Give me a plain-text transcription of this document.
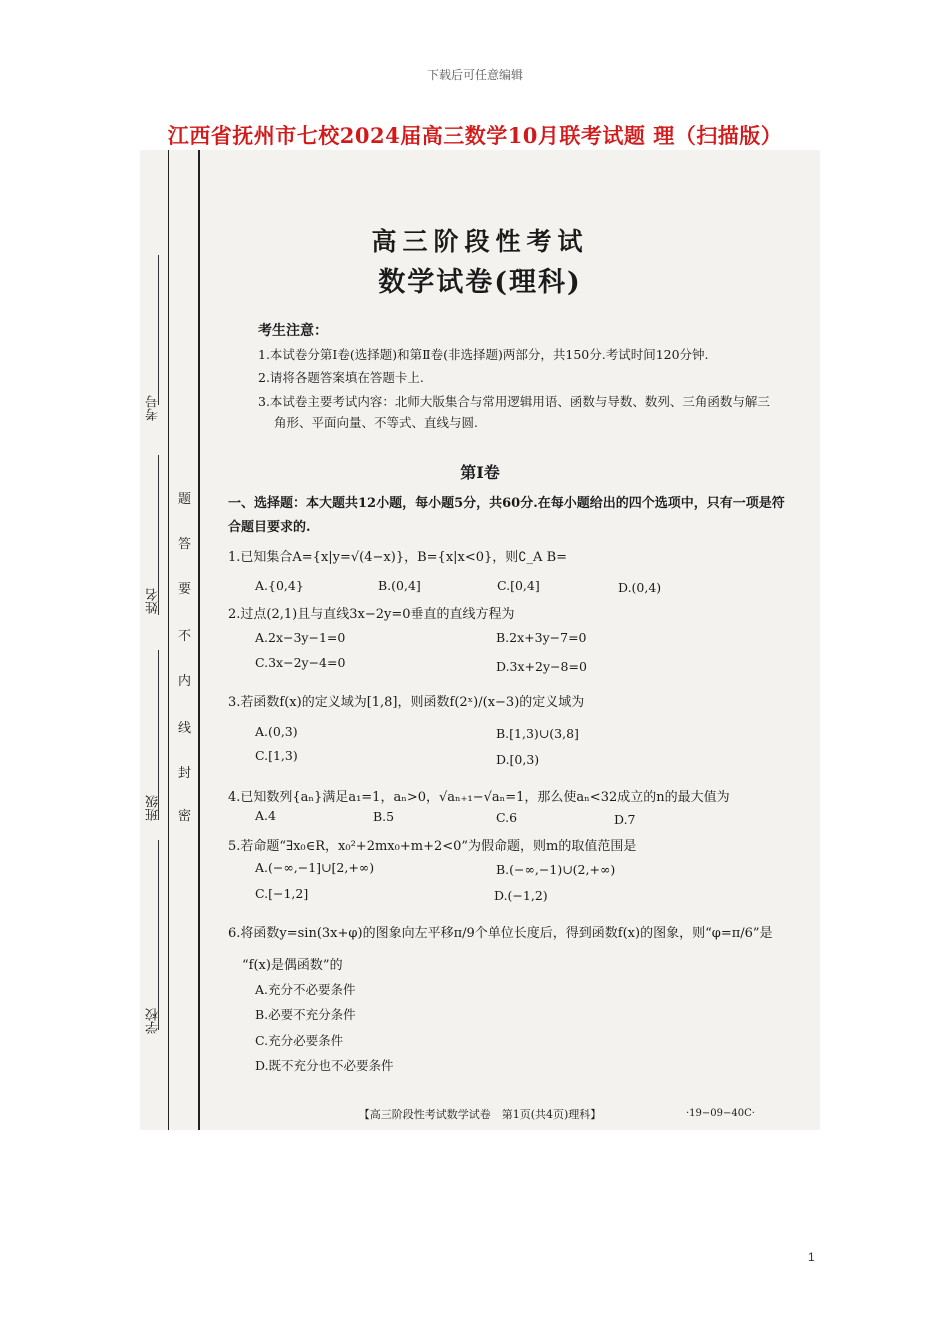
下载后可任意编辑
江西省抚州市七校2024届高三数学10月联考试题 理（扫描版）
考号
姓名
班级
学校
题
答
要
不
内
线
封
密
高三阶段性考试
数学试卷(理科)
考生注意：
1.本试卷分第Ⅰ卷(选择题)和第Ⅱ卷(非选择题)两部分，共150分.考试时间120分钟.
2.请将各题答案填在答题卡上.
3.本试卷主要考试内容：北师大版集合与常用逻辑用语、函数与导数、数列、三角函数与解三
角形、平面向量、不等式、直线与圆.
第Ⅰ卷
一、选择题：本大题共12小题，每小题5分，共60分.在每小题给出的四个选项中，只有一项是符合题目要求的.
1.已知集合A={x|y=√(4−x)}，B={x|x<0}，则∁_A B=
A.{0,4}	B.(0,4]	C.[0,4]	D.(0,4)
2.过点(2,1)且与直线3x−2y=0垂直的直线方程为
A.2x−3y−1=0	B.2x+3y−7=0
C.3x−2y−4=0	D.3x+2y−8=0
3.若函数f(x)的定义域为[1,8]，则函数f(2ˣ)/(x−3)的定义域为
A.(0,3)	B.[1,3)∪(3,8]
C.[1,3)	D.[0,3)
4.已知数列{aₙ}满足a₁=1，aₙ>0，√aₙ₊₁−√aₙ=1，那么使aₙ<32成立的n的最大值为
A.4	B.5	C.6	D.7
5.若命题“∃x₀∈R，x₀²+2mx₀+m+2<0”为假命题，则m的取值范围是
A.(−∞,−1]∪[2,+∞)	B.(−∞,−1)∪(2,+∞)
C.[−1,2]	D.(−1,2)
6.将函数y=sin(3x+φ)的图象向左平移π/9个单位长度后，得到函数f(x)的图象，则“φ=π/6”是
“f(x)是偶函数”的
A.充分不必要条件
B.必要不充分条件
C.充分必要条件
D.既不充分也不必要条件
【高三阶段性考试数学试卷　第1页(共4页)理科】	·19−09−40C·
1
